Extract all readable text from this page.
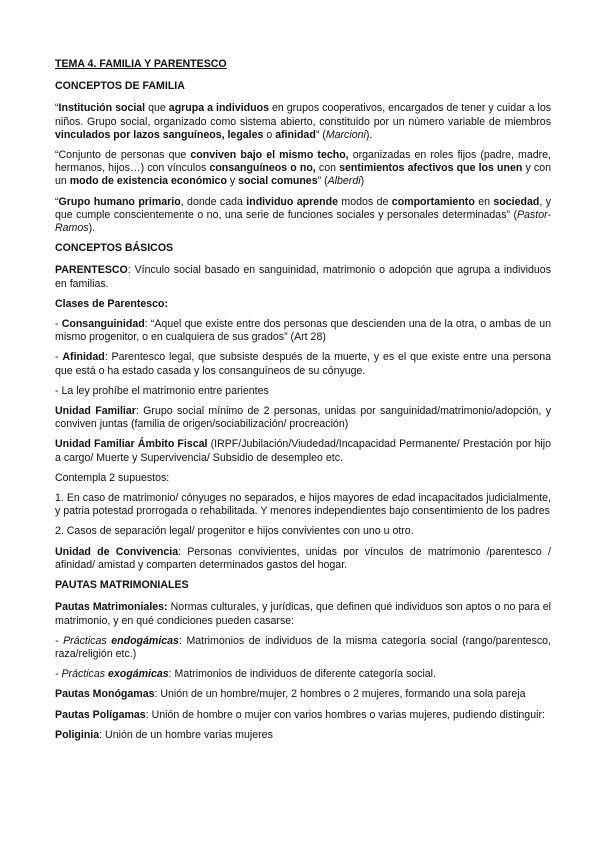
TEMA 4. FAMILIA Y PARENTESCO
CONCEPTOS DE FAMILIA
“Institución social que agrupa a individuos en grupos cooperativos, encargados de tener y cuidar a los niños. Grupo social, organizado como sistema abierto, constituido por un número variable de miembros vinculados por lazos sanguíneos, legales o afinidad” (Marcioni).
“Conjunto de personas que conviven bajo el mismo techo, organizadas en roles fijos (padre, madre, hermanos, hijos…) con vínculos consanguíneos o no, con sentimientos afectivos que los unen y con un modo de existencia económico y social comunes” (Alberdi)
“Grupo humano primario, donde cada individuo aprende modos de comportamiento en sociedad, y que cumple conscientemente o no, una serie de funciones sociales y personales determinadas” (Pastor-Ramos).
CONCEPTOS BÁSICOS
PARENTESCO: Vínculo social basado en sanguinidad, matrimonio o adopción que agrupa a individuos en familias.
Clases de Parentesco:
- Consanguinidad: “Aquel que existe entre dos personas que descienden una de la otra, o ambas de un mismo progenitor, o en cualquiera de sus grados” (Art 28)
- Afinidad: Parentesco legal, que subsiste después de la muerte, y es el que existe entre una persona que está o ha estado casada y los consanguíneos de su cónyuge.
- La ley prohíbe el matrimonio entre parientes
Unidad Familiar: Grupo social mínimo de 2 personas, unidas por sanguinidad/matrimonio/adopción, y conviven juntas (familia de origen/sociabilización/ procreación)
Unidad Familiar Ámbito Fiscal (IRPF/Jubilación/Viudedad/Incapacidad Permanente/ Prestación por hijo a cargo/ Muerte y Supervivencia/ Subsidio de desempleo etc.
Contempla 2 supuestos:
1. En caso de matrimonio/ cónyuges no separados, e hijos mayores de edad incapacitados judicialmente, y patria potestad prorrogada o rehabilitada. Y menores independientes bajo consentimiento de los padres
2. Casos de separación legal/ progenitor e hijos convivientes con uno u otro.
Unidad de Convivencia: Personas convivientes, unidas por vínculos de matrimonio /parentesco / afinidad/ amistad y comparten determinados gastos del hogar.
PAUTAS MATRIMONIALES
Pautas Matrimoniales: Normas culturales, y jurídicas, que definen qué individuos son aptos o no para el matrimonio, y en qué condiciones pueden casarse:
- Prácticas endogámicas: Matrimonios de individuos de la misma categoría social (rango/parentesco, raza/religión etc.)
- Prácticas exogámicas: Matrimonios de individuos de diferente categoría social.
Pautas Monógamas: Unión de un hombre/mujer, 2 hombres o 2 mujeres, formando una sola pareja
Pautas Polígamas: Unión de hombre o mujer con varios hombres o varias mujeres, pudiendo distinguir:
Poliginia: Unión de un hombre varias mujeres
